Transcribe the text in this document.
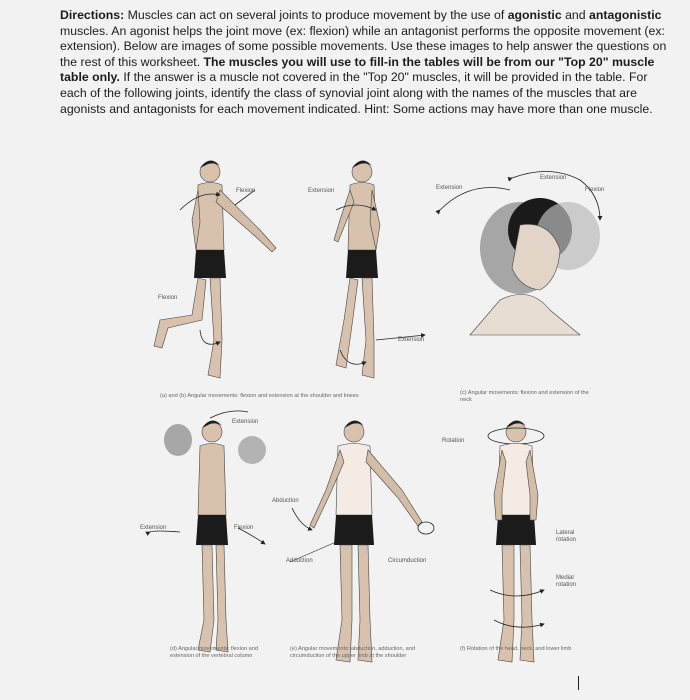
Directions: Muscles can act on several joints to produce movement by the use of agonistic and antagonistic muscles. An agonist helps the joint move (ex: flexion) while an antagonist performs the opposite movement (ex: extension). Below are images of some possible movements. Use these images to help answer the questions on the rest of this worksheet. The muscles you will use to fill-in the tables will be from our "Top 20" muscle table only. If the answer is a muscle not covered in the "Top 20" muscles, it will be provided in the table. For each of the following joints, identify the class of synovial joint along with the names of the muscles that are agonists and antagonists for each movement indicated. Hint: Some actions may have more than one muscle.
Flexion	Extension
Flexion
Extension
Extension
Extension
Flexion
Extension
Extension	Flexion
Abduction
Adduction	Circumduction
Rotation
Lateral rotation
Medial rotation
(a) and (b) Angular movements: flexion and extension at the shoulder and knees	(c) Angular movements: flexion and extension of the neck
(d) Angular movements: flexion and extension of the vertebral column
(e) Angular movements: abduction, adduction, and circumduction of the upper limb at the shoulder
(f) Rotation of the head, neck, and lower limb
